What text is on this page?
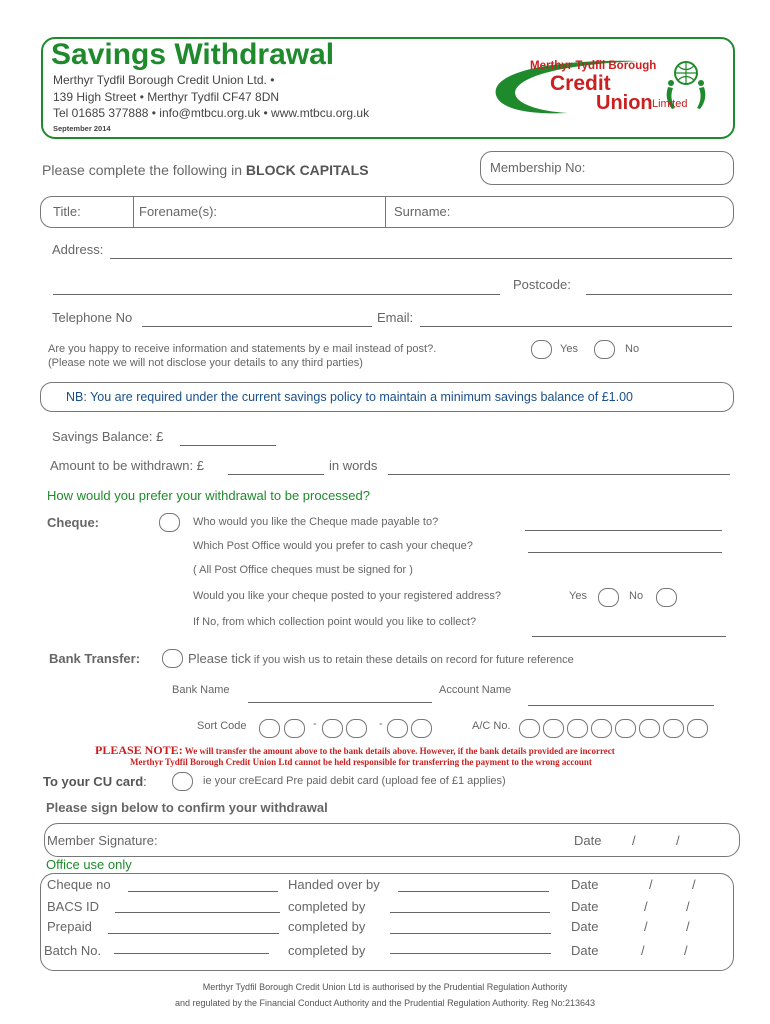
Savings Withdrawal
Merthyr Tydfil Borough Credit Union Ltd. •
139 High Street • Merthyr Tydfil CF47 8DN
Tel 01685 377888 • info@mtbcu.org.uk • www.mtbcu.org.uk
September 2014
Merthyr Tydfil Borough
Credit
Union Limited
Please complete the following in BLOCK CAPITALS	Membership No:
Title:	Forename(s):	Surname:
Address:
Postcode:
Telephone No	Email:
Are you happy to receive information and statements by e mail instead of post?.
(Please note we will not disclose your details to any third parties)
Yes	No
NB: You are required under the current savings policy to maintain a minimum savings balance of £1.00
Savings Balance: £
Amount to be withdrawn: £	in words
How would you prefer your withdrawal to be processed?
Cheque:	Who would you like the Cheque made payable to?
Which Post Office would you prefer to cash your cheque?
( All Post Office cheques must be signed for )
Would you like your cheque posted to your registered address?	Yes	No
If No, from which collection point would you like to collect?
Bank Transfer:	Please tick if you wish us to retain these details on record for future reference
Bank Name	Account Name
Sort Code	-	-	A/C No.
PLEASE NOTE: We will transfer the amount above to the bank details above. However, if the bank details provided are incorrect
Merthyr Tydfil Borough Credit Union Ltd cannot be held responsible for transferring the payment to the wrong account
To your CU card:	ie your creEcard Pre paid debit card (upload fee of £1 applies)
Please sign below to confirm your withdrawal
Member Signature:	Date /	/
Office use only
Cheque no	Handed over by	Date	/	/
BACS ID	completed by	Date	/	/
Prepaid	completed by	Date	/	/
Batch No.	completed by	Date	/	/
Merthyr Tydfil Borough Credit Union Ltd is authorised by the Prudential Regulation Authority
and regulated by the Financial Conduct Authority and the Prudential Regulation Authority. Reg No:213643
